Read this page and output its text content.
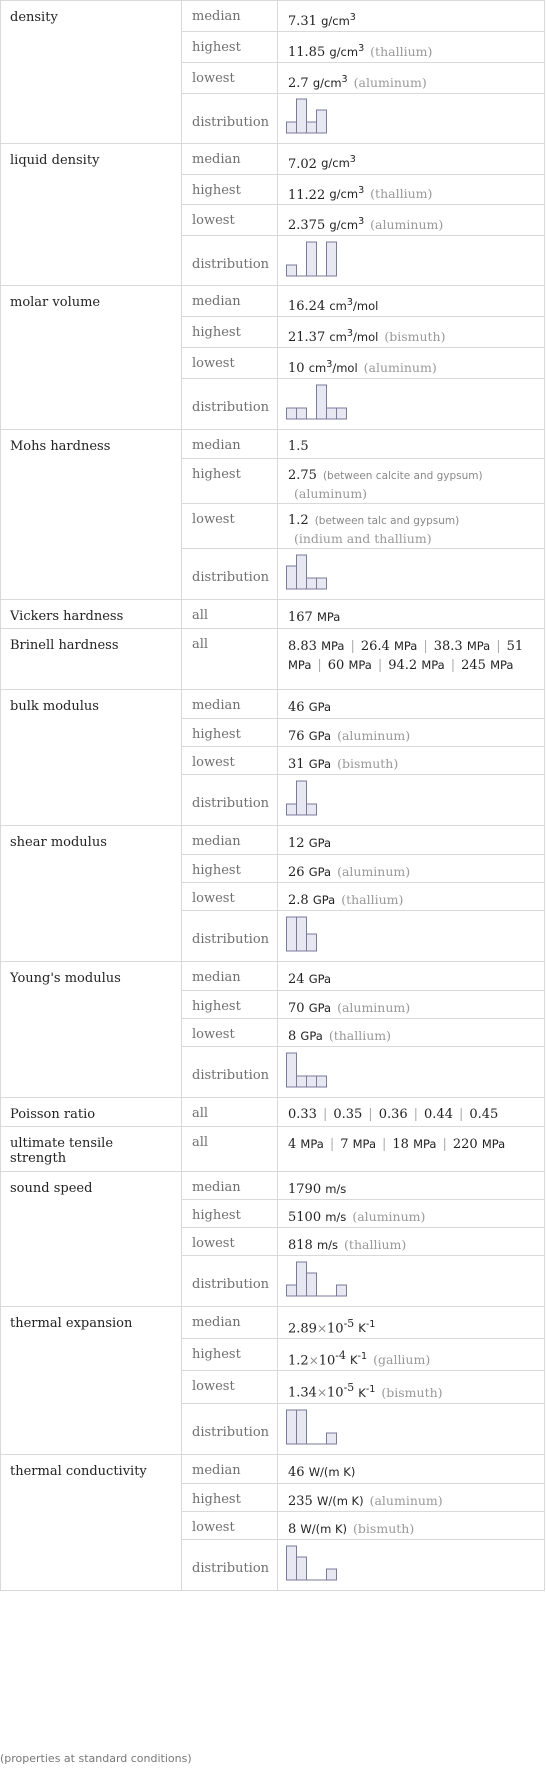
density	median	7.31 $g/cm^3$
	highest	11.85 $g/cm^3$ (thallium)
	lowest	2.7 $g/cm^3$ (aluminum)
	distribution	
liquid density	median	7.02 $g/cm^3$
	highest	11.22 $g/cm^3$ (thallium)
	lowest	2.375 $g/cm^3$ (aluminum)
	distribution	
molar volume	median	16.24 $cm^3$/mol
	highest	21.37 $cm^3$/mol (bismuth)
	lowest	10 $cm^3$/mol (aluminum)
	distribution	
Mohs hardness	median	1.5
	highest	2.75 (between calcite and gypsum)
(aluminum)

	lowest	1.2 (between talc and gypsum)
(indium and thallium)

	distribution	
Vickers hardness	all	167 MPa
Brinell hardness	all	8.83 MPa | 26.4 MPa | 38.3 MPa | 51 MPa | 60 MPa | 94.2 MPa | 245 MPa
bulk modulus	median	46 GPa
	highest	76 GPa (aluminum)
	lowest	31 GPa (bismuth)
	distribution	
shear modulus	median	12 GPa
	highest	26 GPa (aluminum)
	lowest	2.8 GPa (thallium)
	distribution	
Young's modulus	median	24 GPa
	highest	70 GPa (aluminum)
	lowest	8 GPa (thallium)
	distribution	
Poisson ratio	all	0.33 | 0.35 | 0.36 | 0.44 | 0.45
ultimate tensile strength	all	4 MPa | 7 MPa | 18 MPa | 220 MPa
sound speed	median	1790 m/s
	highest	5100 m/s (aluminum)
	lowest	818 m/s (thallium)
	distribution	
thermal expansion	median	$2.89\times 10^{-5}$ $K^{-1}$
	highest	$1.2\times 10^{-4}$ $K^{-1}$ (gallium)
	lowest	$1.34\times 10^{-5}$ $K^{-1}$ (bismuth)
	distribution	
thermal conductivity	median	46 W/(m K)
	highest	235 W/(m K) (aluminum)
	lowest	8 W/(m K) (bismuth)
	distribution	
(properties at standard conditions)
